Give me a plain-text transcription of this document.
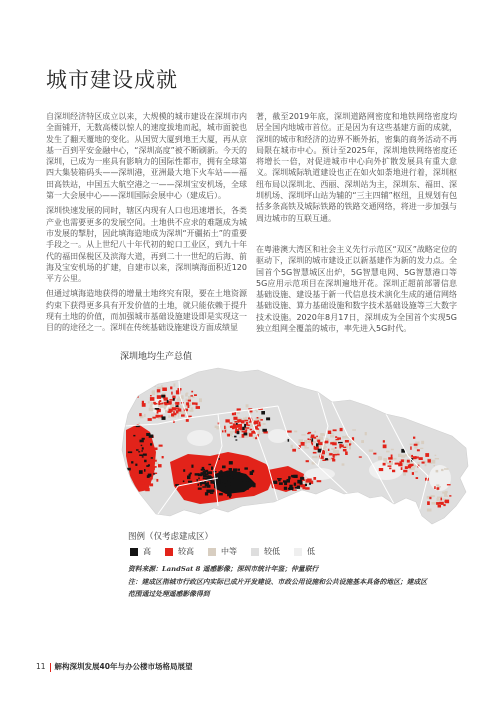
城市建设成就

自深圳经济特区成立以来，大规模的城市建设在深圳市内全面铺开，无数高楼以惊人的速度拔地而起，城市面貌也发生了翻天覆地的变化。从国贸大厦到地王大厦，再从京基一百到平安金融中心，“深圳高度”被不断刷新。今天的深圳，已成为一座具有影响力的国际性都市，拥有全球第四大集装箱码头——深圳港，亚洲最大地下火车站——福田高铁站，中国五大航空港之一——深圳宝安机场，全球第一大会展中心——深圳国际会展中心（建成后）。

深圳快速发展的同时，辖区内现有人口也迅速增长，各类产业也需要更多的发展空间。土地供不应求的难题成为城市发展的掣肘，因此填海造地成为深圳“开疆拓土”的重要手段之一。从上世纪八十年代初的蛇口工业区，到九十年代的福田保税区及滨海大道，再到二十一世纪的后海、前海及宝安机场的扩建，自建市以来，深圳填海面积近120平方公里。

但通过填海造地获得的增量土地终究有限，要在土地资源约束下获得更多具有开发价值的土地，就只能依赖于提升现有土地的价值，而加强城市基础设施建设即是实现这一目的的途径之一。深圳在传统基础设施建设方面成绩显

著，截至2019年底，深圳道路网密度和地铁网络密度均居全国内地城市首位。正是因为有这些基建方面的成就，深圳的城市和经济的边界不断外拓，密集的商务活动不再局限在城市中心。预计至2025年，深圳地铁网络密度还将增长一倍，对促进城市中心向外扩散发展具有重大意义。深圳城际轨道建设也正在如火如荼地进行着，深圳枢纽布局以深圳北、西丽、深圳站为主，深圳东、福田、深圳机场、深圳坪山站为辅的“三主四辅”枢纽，且规划有包括多条高铁及城际铁路的铁路交通网络，将进一步加强与周边城市的互联互通。

在粤港澳大湾区和社会主义先行示范区“双区”战略定位的驱动下，深圳的城市建设正以新基建作为新的发力点。全国首个5G智慧城区出炉，5G智慧电网、5G智慧港口等5G应用示范项目在深圳遍地开花。深圳正超前部署信息基础设施、建设基于新一代信息技术演化生成的通信网络基础设施、算力基础设施和数字技术基础设施等三大数字技术设施。2020年8月17日，深圳成为全国首个实现5G独立组网全覆盖的城市，率先进入5G时代。

深圳地均生产总值
图例（仅考虑建成区）
高	较高	中等	较低	低

资料来源：LandSat 8 遥感影像；深圳市统计年鉴；仲量联行

注：建成区指城市行政区内实际已成片开发建设、市政公用设施和公共设施基本具备的地区；建成区范围通过处理遥感影像得到

11 解构深圳发展40年与办公楼市场格局展望
